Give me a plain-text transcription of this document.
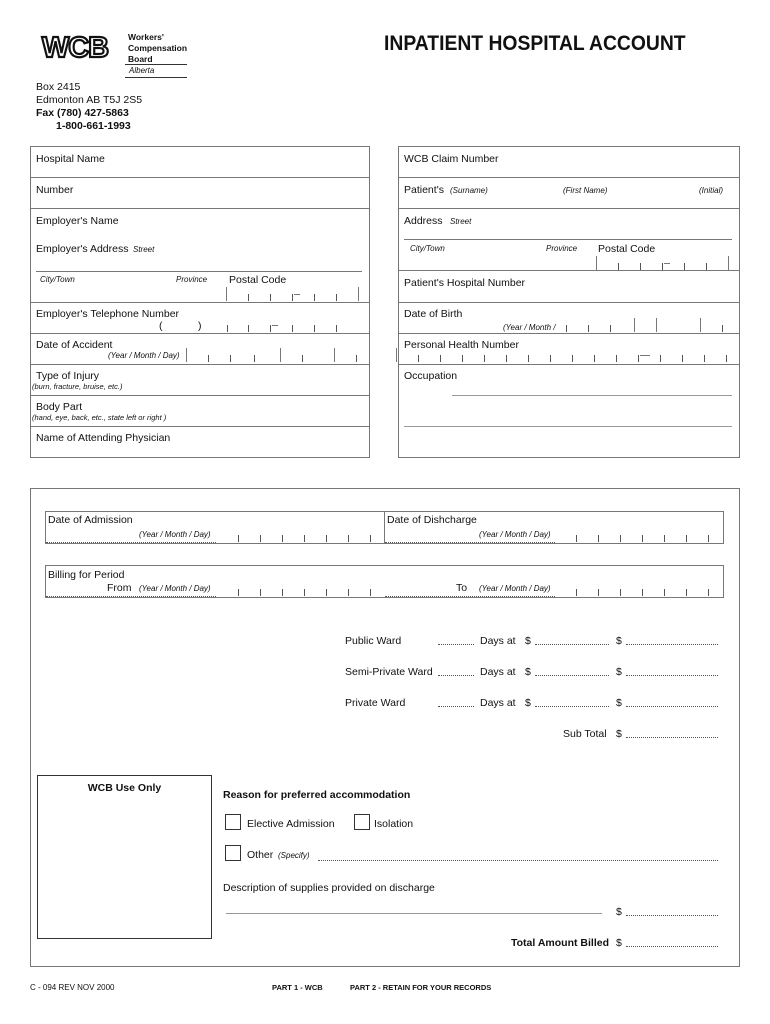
WCB Workers'
Compensation
Board
Alberta
INPATIENT HOSPITAL ACCOUNT
Box 2415
Edmonton AB T5J 2S5
Fax (780) 427-5863
1-800-661-1993
Hospital Name
Number
Employer's Name
Employer's Address Street
City/Town	Province Postal Code
Employer's Telephone Number
(	)
Date of Accident
(Year / Month / Day)
Type of Injury
(burn, fracture, bruise, etc.)
Body Part
(hand, eye, back, etc., state left or right )
Name of Attending Physician
WCB Claim Number
Patient's (Surname)	(First Name)	(Initial)
Address Street
City/Town	Province Postal Code
Patient's Hospital Number
Date of Birth
(Year / Month /
Personal Health Number
Occupation
Date of Admission
(Year / Month / Day)
Date of Dishcharge
(Year / Month / Day)
Billing for Period
From (Year / Month / Day)	To (Year / Month / Day)
Public Ward	Days at $	$
Semi-Private Ward	Days at $	$
Private Ward	Days at $	$
Sub Total $
WCB Use Only
Reason for preferred accommodation
Elective Admission	Isolation
Other (Specify)
Description of supplies provided on discharge
$
Total Amount Billed $
C - 094 REV NOV 2000	PART 1 - WCB	PART 2 - RETAIN FOR YOUR RECORDS
